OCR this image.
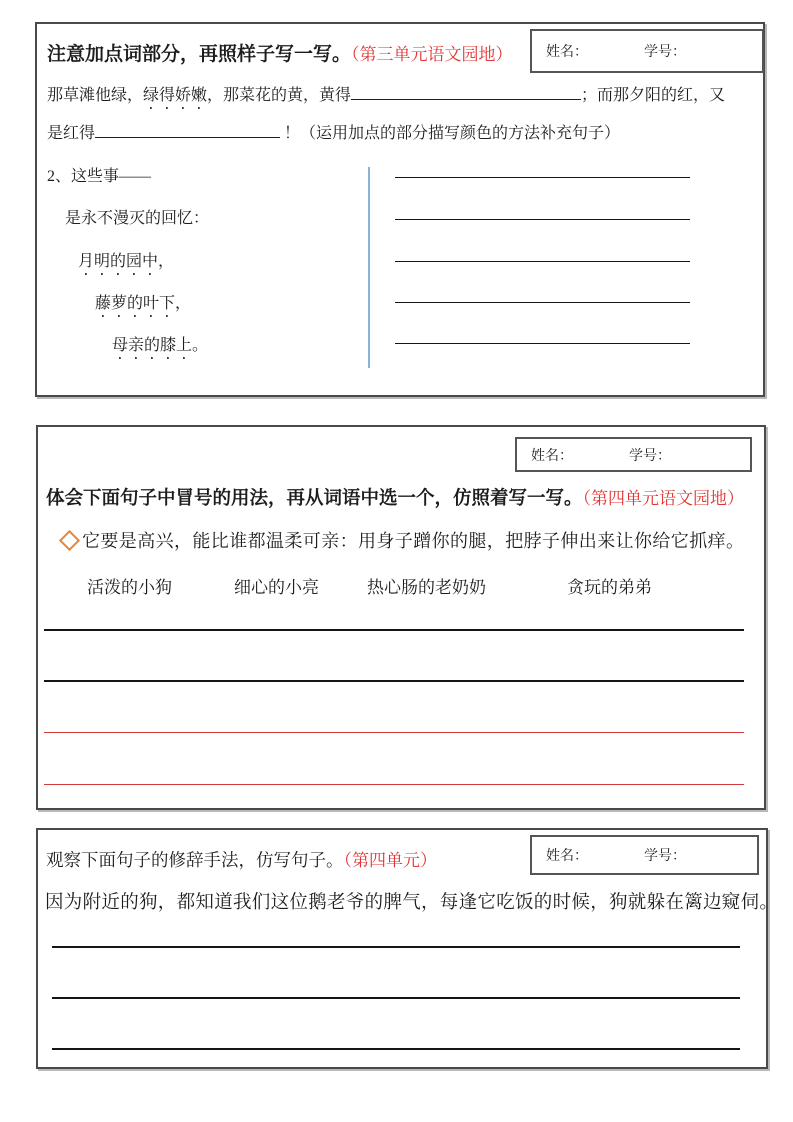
姓名：	学号：
注意加点词部分，再照样子写一写。（第三单元语文园地）
那草滩他绿，绿得娇嫩，那菜花的黄，黄得	；而那夕阳的红，又
是红得	！（运用加点的部分描写颜色的方法补充句子）
2、这些事——
是永不漫灭的回忆：
月明的园中，
藤萝的叶下，
母亲的膝上。
姓名：	学号：
体会下面句子中冒号的用法，再从词语中选一个，仿照着写一写。（第四单元语文园地）
它要是高兴，能比谁都温柔可亲：用身子蹭你的腿，把脖子伸出来让你给它抓痒。
活泼的小狗	细心的小亮	热心肠的老奶奶	贪玩的弟弟
姓名：	学号：
观察下面句子的修辞手法，仿写句子。（第四单元）
因为附近的狗，都知道我们这位鹅老爷的脾气，每逢它吃饭的时候，狗就躲在篱边窥伺。
